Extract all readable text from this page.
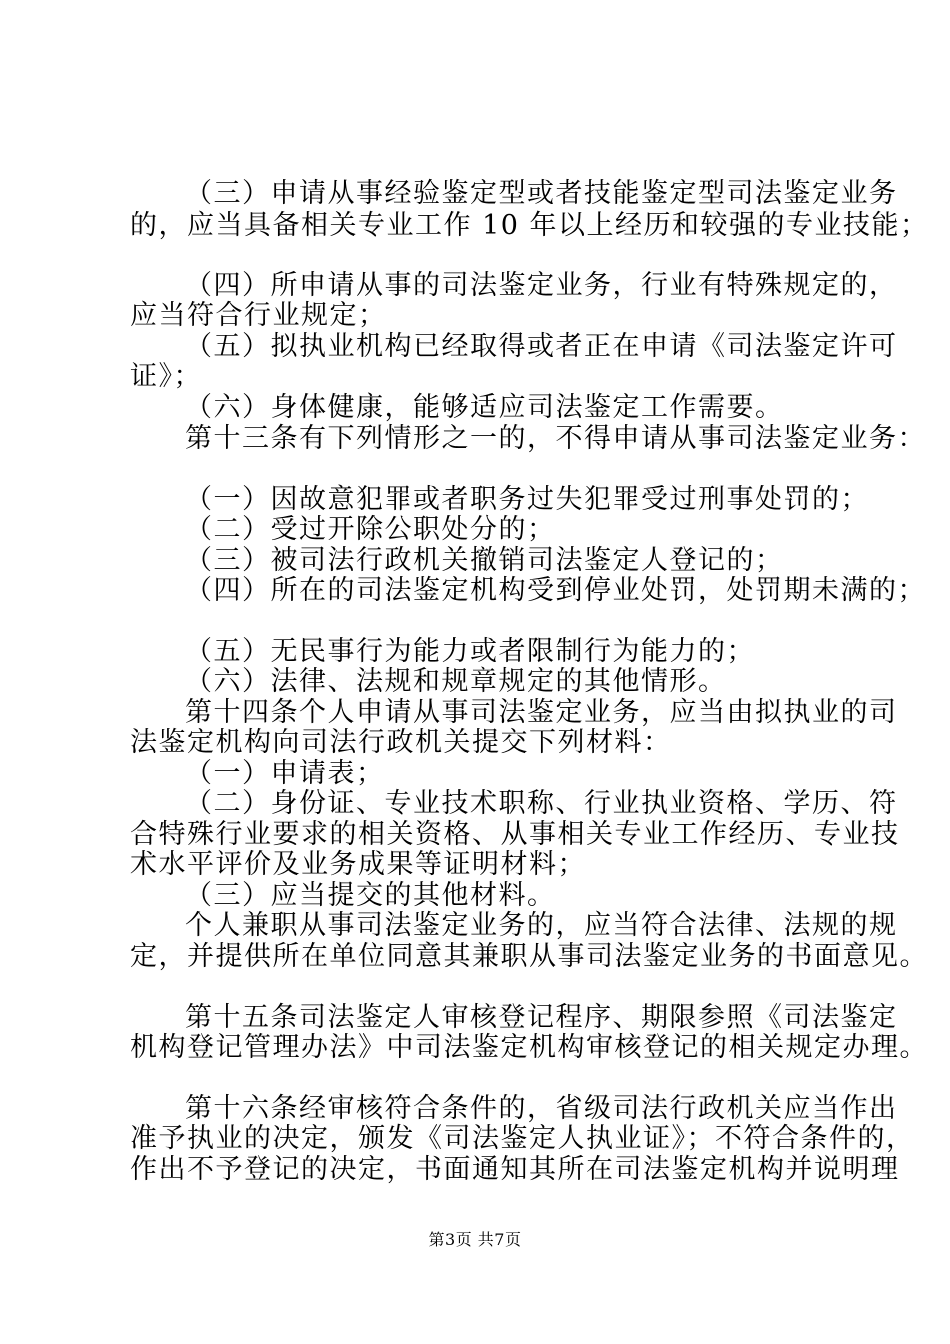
（三）申请从事经验鉴定型或者技能鉴定型司法鉴定业务

的，应当具备相关专业工作 10 年以上经历和较强的专业技能；

（四）所申请从事的司法鉴定业务，行业有特殊规定的，

应当符合行业规定；

（五）拟执业机构已经取得或者正在申请《司法鉴定许可

证》；

（六）身体健康，能够适应司法鉴定工作需要。

第十三条有下列情形之一的，不得申请从事司法鉴定业务：

（一）因故意犯罪或者职务过失犯罪受过刑事处罚的；

（二）受过开除公职处分的；

（三）被司法行政机关撤销司法鉴定人登记的；

（四）所在的司法鉴定机构受到停业处罚，处罚期未满的；

（五）无民事行为能力或者限制行为能力的；

（六）法律、法规和规章规定的其他情形。

第十四条个人申请从事司法鉴定业务，应当由拟执业的司

法鉴定机构向司法行政机关提交下列材料：

（一）申请表；

（二）身份证、专业技术职称、行业执业资格、学历、符

合特殊行业要求的相关资格、从事相关专业工作经历、专业技

术水平评价及业务成果等证明材料；

（三）应当提交的其他材料。

个人兼职从事司法鉴定业务的，应当符合法律、法规的规

定，并提供所在单位同意其兼职从事司法鉴定业务的书面意见。

第十五条司法鉴定人审核登记程序、期限参照《司法鉴定

机构登记管理办法》中司法鉴定机构审核登记的相关规定办理。

第十六条经审核符合条件的，省级司法行政机关应当作出

准予执业的决定，颁发《司法鉴定人执业证》；不符合条件的，

作出不予登记的决定，书面通知其所在司法鉴定机构并说明理

第3页 共7页
